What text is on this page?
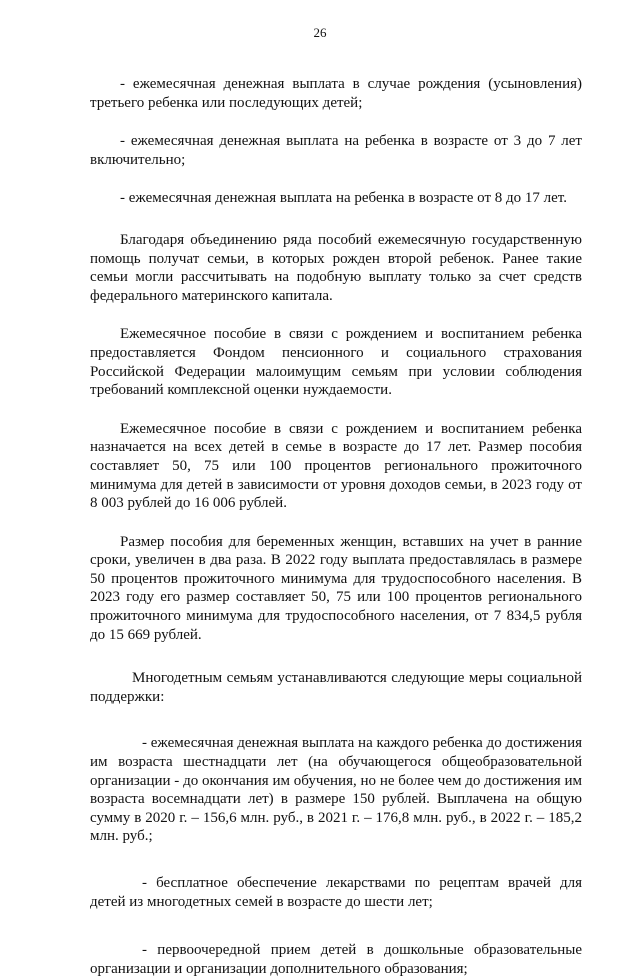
26

- ежемесячная денежная выплата в случае рождения (усыновления) третьего ребенка или последующих детей;

- ежемесячная денежная выплата на ребенка в возрасте от 3 до 7 лет включительно;

- ежемесячная денежная выплата на ребенка в возрасте от 8 до 17 лет.

Благодаря объединению ряда пособий ежемесячную государственную помощь получат семьи, в которых рожден второй ребенок. Ранее такие семьи могли рассчитывать на подобную выплату только за счет средств федерального материнского капитала.

Ежемесячное пособие в связи с рождением и воспитанием ребенка предоставляется Фондом пенсионного и социального страхования Российской Федерации малоимущим семьям при условии соблюдения требований комплексной оценки нуждаемости.

Ежемесячное пособие в связи с рождением и воспитанием ребенка назначается на всех детей в семье в возрасте до 17 лет. Размер пособия составляет 50, 75 или 100 процентов регионального прожиточного минимума для детей в зависимости от уровня доходов семьи, в 2023 году от 8 003 рублей до 16 006 рублей.

Размер пособия для беременных женщин, вставших на учет в ранние сроки, увеличен в два раза. В 2022 году выплата предоставлялась в размере 50 процентов прожиточного минимума для трудоспособного населения. В 2023 году его размер составляет 50, 75 или 100 процентов регионального прожиточного минимума для трудоспособного населения, от 7 834,5 рубля до 15 669 рублей.

Многодетным семьям устанавливаются следующие меры социальной поддержки:

- ежемесячная денежная выплата на каждого ребенка до достижения им возраста шестнадцати лет (на обучающегося общеобразовательной организации - до окончания им обучения, но не более чем до достижения им возраста восемнадцати лет) в размере 150 рублей. Выплачена на общую сумму в 2020 г. – 156,6 млн. руб., в 2021 г. – 176,8 млн. руб., в 2022 г. – 185,2 млн. руб.;

- бесплатное обеспечение лекарствами по рецептам врачей для детей из многодетных семей в возрасте до шести лет;

- первоочередной прием детей в дошкольные образовательные организации и организации дополнительного образования;
